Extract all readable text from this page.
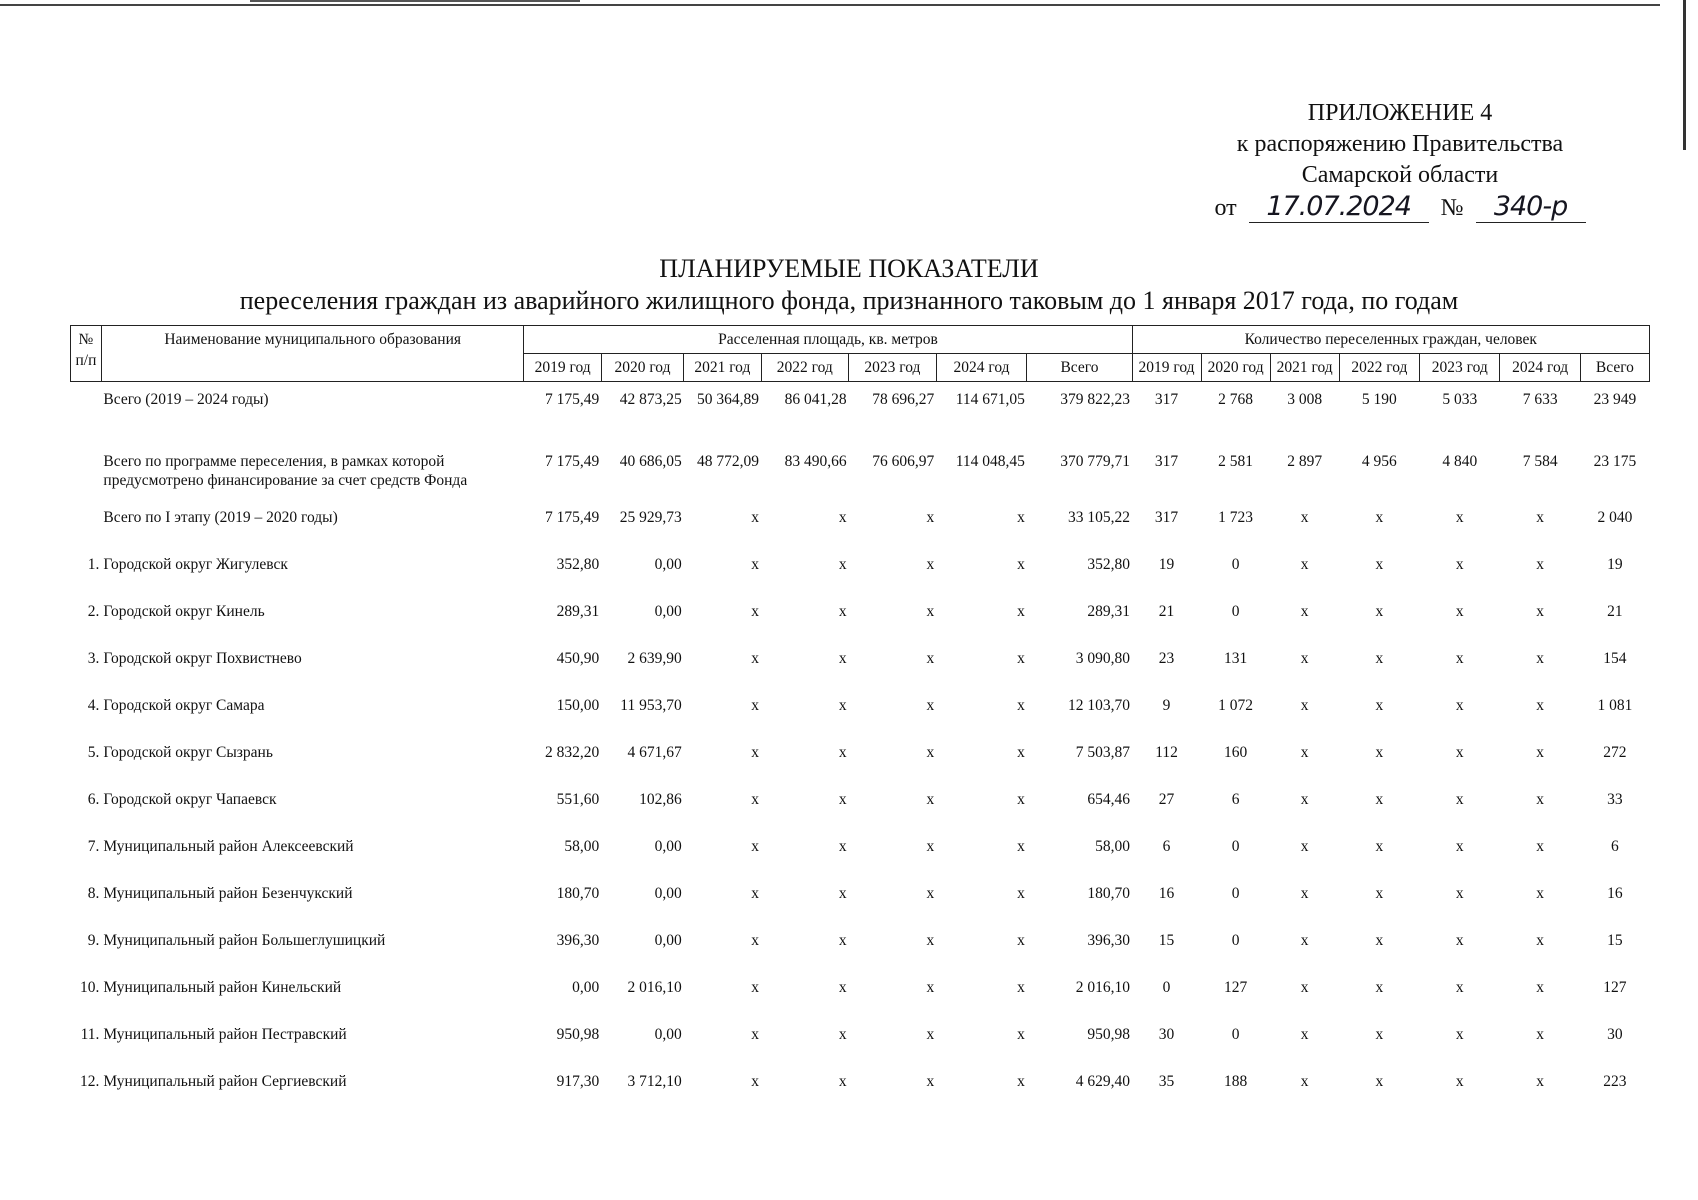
ПРИЛОЖЕНИЕ 4
к распоряжению Правительства
Самарской области
от 17.07.2024 № 340-р
ПЛАНИРУЕМЫЕ ПОКАЗАТЕЛИ
переселения граждан из аварийного жилищного фонда, признанного таковым до 1 января 2017 года, по годам
№ п/п	Наименование муниципального образования	Расселенная площадь, кв. метров							Количество переселенных граждан, человек						
		2019 год	2020 год	2021 год	2022 год	2023 год	2024 год	Всего	2019 год	2020 год	2021 год	2022 год	2023 год	2024 год	Всего
	Всего (2019 – 2024 годы)	7 175,49	42 873,25	50 364,89	86 041,28	78 696,27	114 671,05	379 822,23	317	2 768	3 008	5 190	5 033	7 633	23 949
	Всего по программе переселения, в рамках которой предусмотрено финансирование за счет средств Фонда	7 175,49	40 686,05	48 772,09	83 490,66	76 606,97	114 048,45	370 779,71	317	2 581	2 897	4 956	4 840	7 584	23 175
	Всего по I этапу (2019 – 2020 годы)	7 175,49	25 929,73	x	x	x	x	33 105,22	317	1 723	x	x	x	x	2 040
1.	Городской округ Жигулевск	352,80	0,00	x	x	x	x	352,80	19	0	x	x	x	x	19
2.	Городской округ Кинель	289,31	0,00	x	x	x	x	289,31	21	0	x	x	x	x	21
3.	Городской округ Похвистнево	450,90	2 639,90	x	x	x	x	3 090,80	23	131	x	x	x	x	154
4.	Городской округ Самара	150,00	11 953,70	x	x	x	x	12 103,70	9	1 072	x	x	x	x	1 081
5.	Городской округ Сызрань	2 832,20	4 671,67	x	x	x	x	7 503,87	112	160	x	x	x	x	272
6.	Городской округ Чапаевск	551,60	102,86	x	x	x	x	654,46	27	6	x	x	x	x	33
7.	Муниципальный район Алексеевский	58,00	0,00	x	x	x	x	58,00	6	0	x	x	x	x	6
8.	Муниципальный район Безенчукский	180,70	0,00	x	x	x	x	180,70	16	0	x	x	x	x	16
9.	Муниципальный район Большеглушицкий	396,30	0,00	x	x	x	x	396,30	15	0	x	x	x	x	15
10.	Муниципальный район Кинельский	0,00	2 016,10	x	x	x	x	2 016,10	0	127	x	x	x	x	127
11.	Муниципальный район Пестравский	950,98	0,00	x	x	x	x	950,98	30	0	x	x	x	x	30
12.	Муниципальный район Сергиевский	917,30	3 712,10	x	x	x	x	4 629,40	35	188	x	x	x	x	223
